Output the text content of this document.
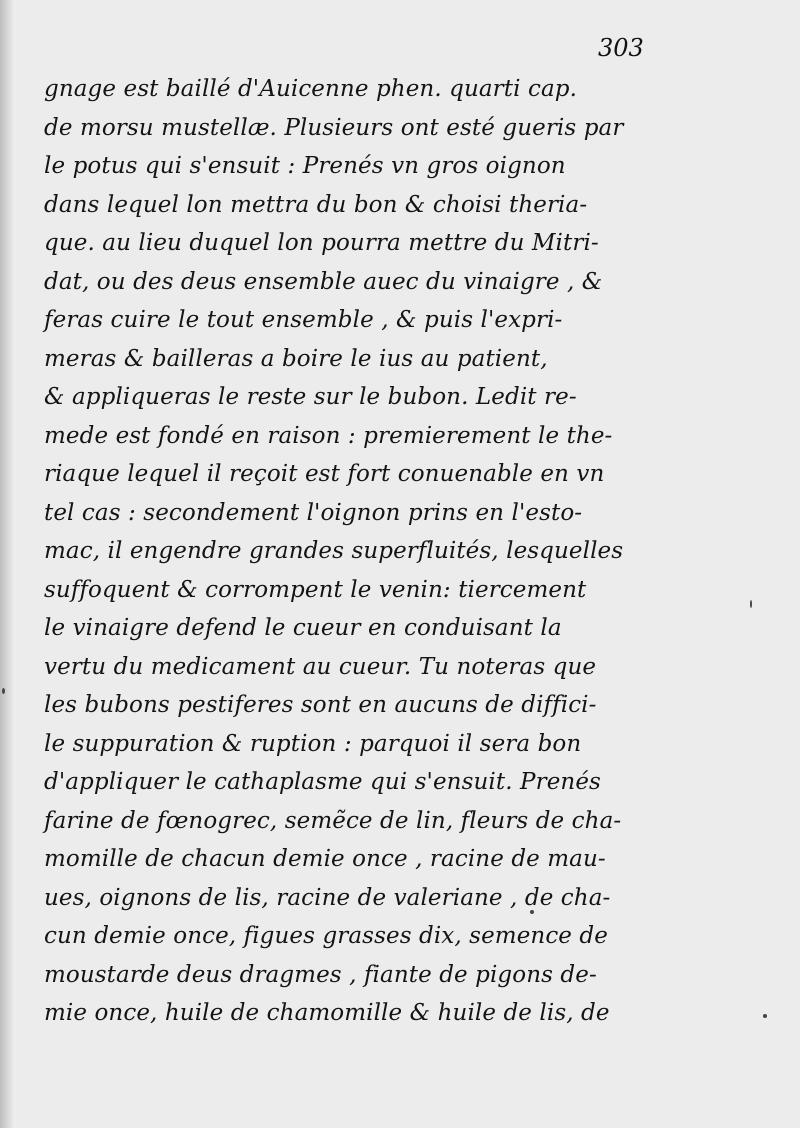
303
gnage est baillé d'Auicenne phen. quarti cap.
de morsu mustellæ. Plusieurs ont esté gueris par
le potus qui s'ensuit : Prenés vn gros oignon
dans lequel lon mettra du bon & choisi theria-
que. au lieu duquel lon pourra mettre du Mitri-
dat, ou des deus ensemble auec du vinaigre , &
feras cuire le tout ensemble , & puis l'expri-
meras & bailleras a boire le ius au patient,
& appliqueras le reste sur le bubon. Ledit re-
mede est fondé en raison : premierement le the-
riaque lequel il reçoit est fort conuenable en vn
tel cas : secondement l'oignon prins en l'esto-
mac, il engendre grandes superfluités, lesquelles
suffoquent & corrompent le venin: tiercement
le vinaigre defend le cueur en conduisant la
vertu du medicament au cueur. Tu noteras que
les bubons pestiferes sont en aucuns de diffici-
le suppuration & ruption : parquoi il sera bon
d'appliquer le cathaplasme qui s'ensuit. Prenés
farine de fœnogrec, semẽce de lin, fleurs de cha-
momille de chacun demie once , racine de mau-
ues, oignons de lis, racine de valeriane , de cha-
cun demie once, figues grasses dix, semence de
moustarde deus dragmes , fiante de pigons de-
mie once, huile de chamomille & huile de lis, de
